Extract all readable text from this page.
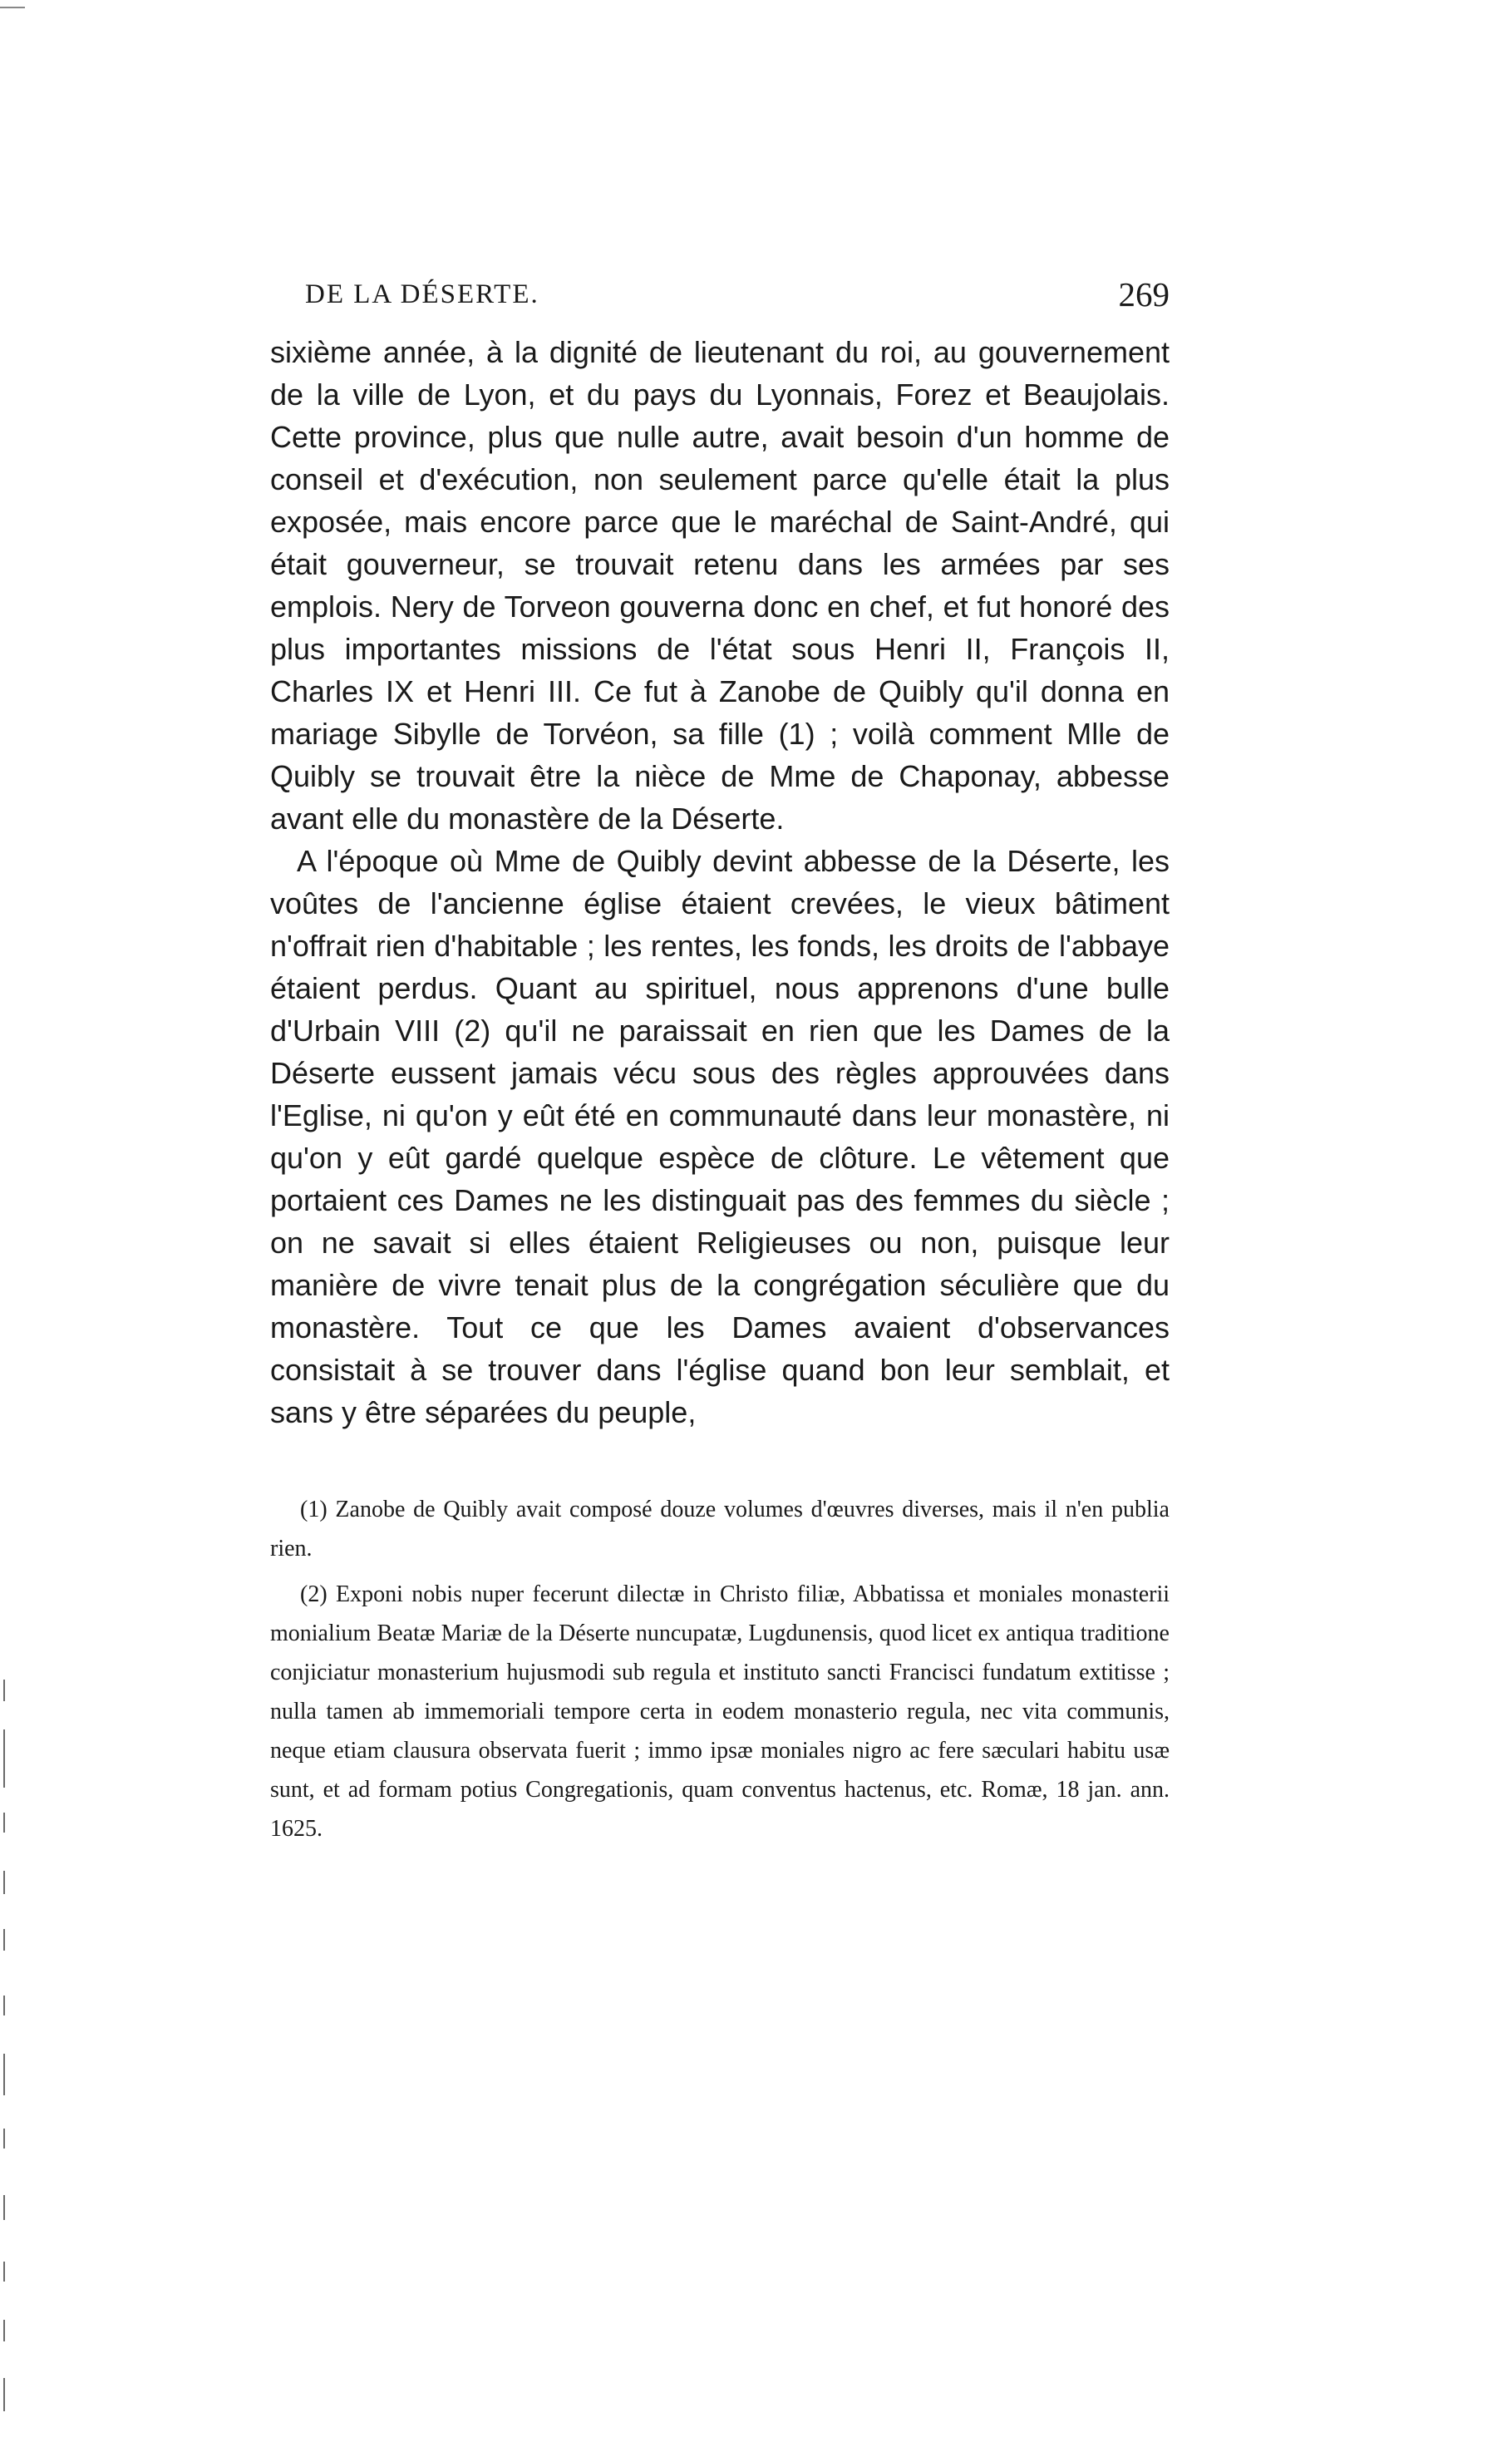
DE LA DÉSERTE.	269

sixième année, à la dignité de lieutenant du roi, au gouvernement de la ville de Lyon, et du pays du Lyonnais, Forez et Beaujolais. Cette province, plus que nulle autre, avait besoin d'un homme de conseil et d'exécution, non seulement parce qu'elle était la plus exposée, mais encore parce que le maréchal de Saint-André, qui était gouverneur, se trouvait retenu dans les armées par ses emplois. Nery de Torveon gouverna donc en chef, et fut honoré des plus importantes missions de l'état sous Henri II, François II, Charles IX et Henri III. Ce fut à Zanobe de Quibly qu'il donna en mariage Sibylle de Torvéon, sa fille (1) ; voilà comment Mlle de Quibly se trouvait être la nièce de Mme de Chaponay, abbesse avant elle du monastère de la Déserte.

A l'époque où Mme de Quibly devint abbesse de la Déserte, les voûtes de l'ancienne église étaient crevées, le vieux bâtiment n'offrait rien d'habitable ; les rentes, les fonds, les droits de l'abbaye étaient perdus. Quant au spirituel, nous apprenons d'une bulle d'Urbain VIII (2) qu'il ne paraissait en rien que les Dames de la Déserte eussent jamais vécu sous des règles approuvées dans l'Eglise, ni qu'on y eût été en communauté dans leur monastère, ni qu'on y eût gardé quelque espèce de clôture. Le vêtement que portaient ces Dames ne les distinguait pas des femmes du siècle ; on ne savait si elles étaient Religieuses ou non, puisque leur manière de vivre tenait plus de la congrégation séculière que du monastère. Tout ce que les Dames avaient d'observances consistait à se trouver dans l'église quand bon leur semblait, et sans y être séparées du peuple,

(1) Zanobe de Quibly avait composé douze volumes d'œuvres diverses, mais il n'en publia rien.

(2) Exponi nobis nuper fecerunt dilectæ in Christo filiæ, Abbatissa et moniales monasterii monialium Beatæ Mariæ de la Déserte nuncupatæ, Lugdunensis, quod licet ex antiqua traditione conjiciatur monasterium hujusmodi sub regula et instituto sancti Francisci fundatum extitisse ; nulla tamen ab immemoriali tempore certa in eodem monasterio regula, nec vita communis, neque etiam clausura observata fuerit ; immo ipsæ moniales nigro ac fere sæculari habitu usæ sunt, et ad formam potius Congregationis, quam conventus hactenus, etc. Romæ, 18 jan. ann. 1625.
